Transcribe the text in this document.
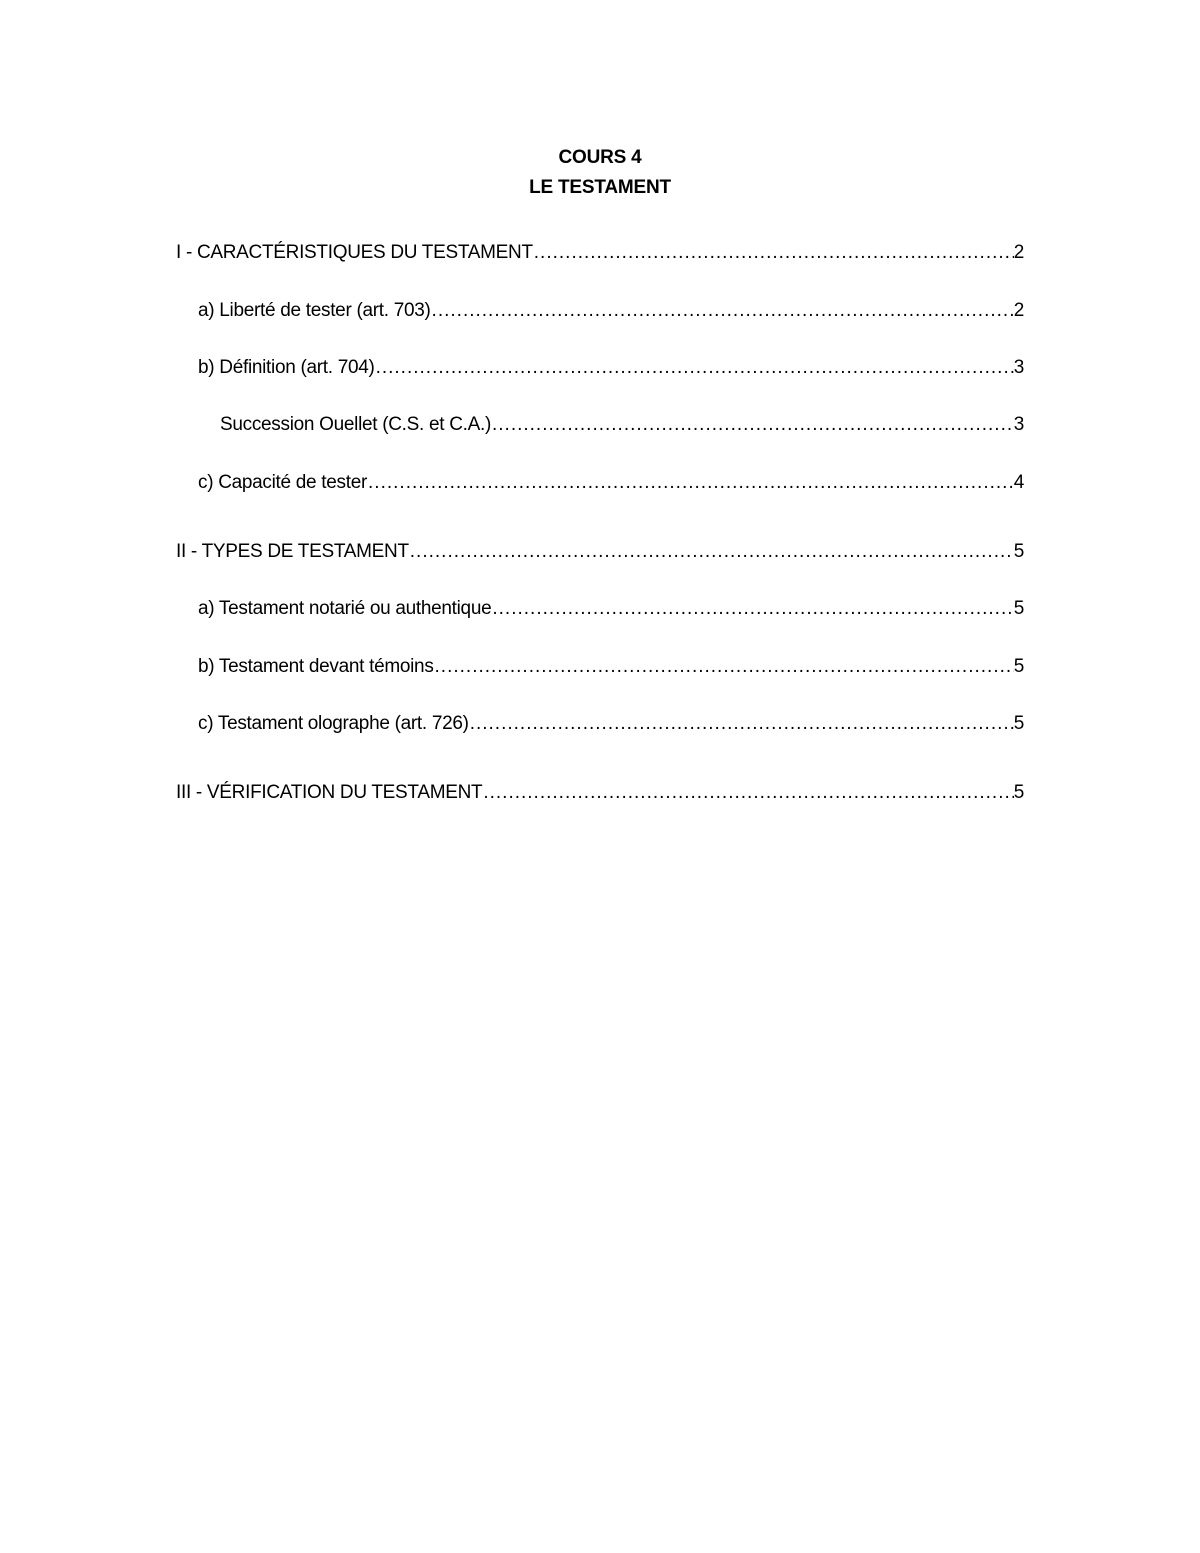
COURS 4
LE TESTAMENT
I - CARACTÉRISTIQUES DU TESTAMENT .....	2
a) Liberté de tester (art. 703) .....	2
b) Définition (art. 704) .....	3
Succession Ouellet (C.S. et C.A.) .....	3
c) Capacité de tester .....	4
II - TYPES DE TESTAMENT .....	5
a) Testament notarié ou authentique .....	5
b) Testament devant témoins .....	5
c) Testament olographe (art. 726) .....	5
III - VÉRIFICATION DU TESTAMENT .....	5
